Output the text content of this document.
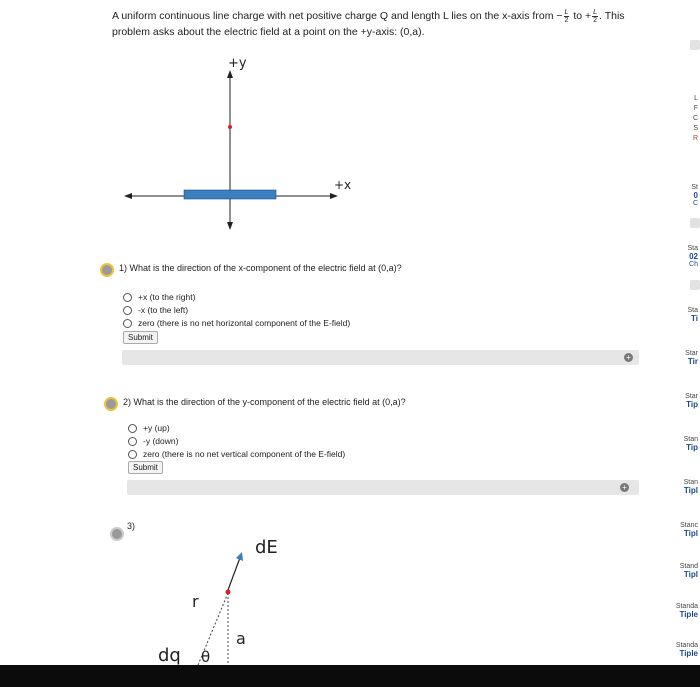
A uniform continuous line charge with net positive charge Q and length L lies on the x-axis from − $\frac{L}{2}$ to + $\frac{L}{2}$ . This
problem asks about the electric field at a point on the +y-axis: (0,a).
+y
+x
1) What is the direction of the x-component of the electric field at (0,a)?
+x (to the right)
-x (to the left)
zero (there is no net horizontal component of the E-field)
Submit
+
2) What is the direction of the y-component of the electric field at (0,a)?
+y (up)
-y (down)
zero (there is no net vertical component of the E-field)
Submit
+
3)
dE
r
a
dq θ
L
F
C
S
R
St
0
C
Sta
02
Ch
Sta
Ti
Star
Tir
Star
Tip
Stan
Tip
Stan
Tipl
Stanc
Tipl
Stand
Tipl
Standa
Tiple
Standa
Tiple
